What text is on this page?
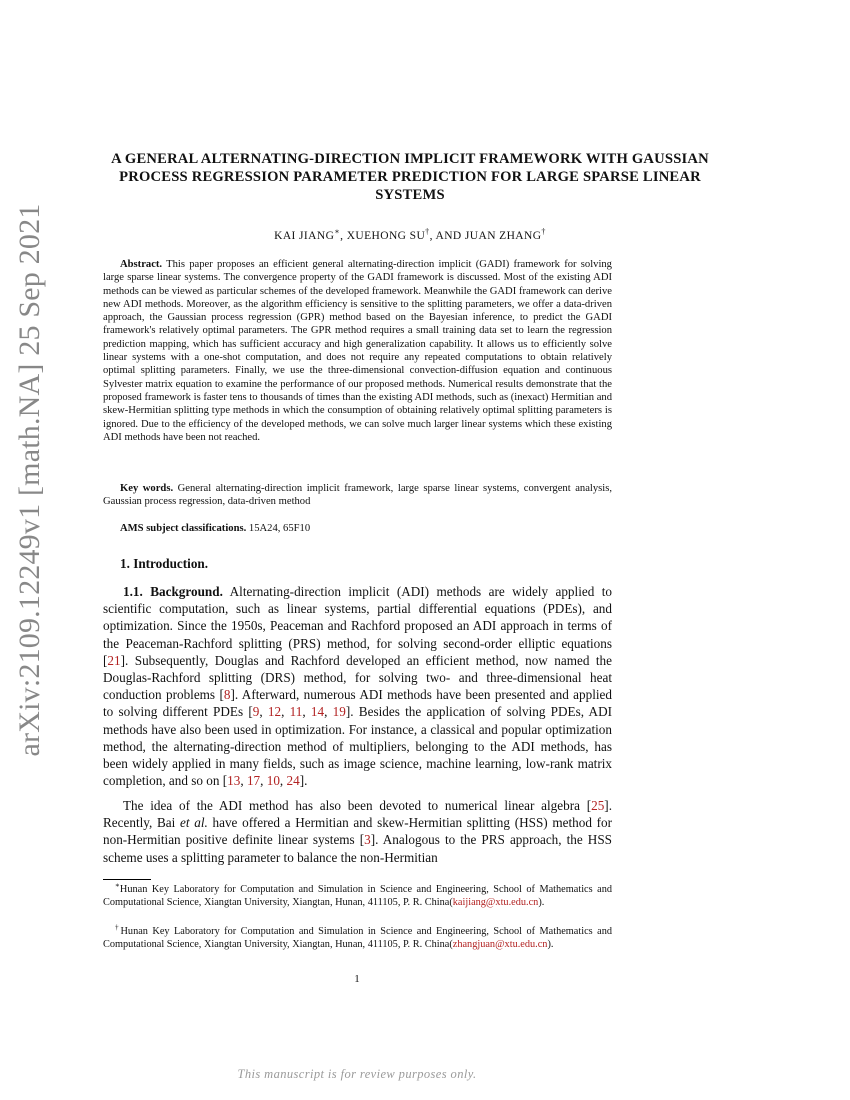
arXiv:2109.12249v1 [math.NA] 25 Sep 2021
A GENERAL ALTERNATING-DIRECTION IMPLICIT FRAMEWORK WITH GAUSSIAN PROCESS REGRESSION PARAMETER PREDICTION FOR LARGE SPARSE LINEAR SYSTEMS
KAI JIANG∗, XUEHONG SU†, AND JUAN ZHANG†
Abstract. This paper proposes an efficient general alternating-direction implicit (GADI) framework for solving large sparse linear systems. The convergence property of the GADI framework is discussed. Most of the existing ADI methods can be viewed as particular schemes of the developed framework. Meanwhile the GADI framework can derive new ADI methods. Moreover, as the algorithm efficiency is sensitive to the splitting parameters, we offer a data-driven approach, the Gaussian process regression (GPR) method based on the Bayesian inference, to predict the GADI framework's relatively optimal parameters. The GPR method requires a small training data set to learn the regression prediction mapping, which has sufficient accuracy and high generalization capability. It allows us to efficiently solve linear systems with a one-shot computation, and does not require any repeated computations to obtain relatively optimal splitting parameters. Finally, we use the three-dimensional convection-diffusion equation and continuous Sylvester matrix equation to examine the performance of our proposed methods. Numerical results demonstrate that the proposed framework is faster tens to thousands of times than the existing ADI methods, such as (inexact) Hermitian and skew-Hermitian splitting type methods in which the consumption of obtaining relatively optimal splitting parameters is ignored. Due to the efficiency of the developed methods, we can solve much larger linear systems which these existing ADI methods have been not reached.
Key words. General alternating-direction implicit framework, large sparse linear systems, convergent analysis, Gaussian process regression, data-driven method
AMS subject classifications. 15A24, 65F10
1. Introduction.
1.1. Background. Alternating-direction implicit (ADI) methods are widely applied to scientific computation, such as linear systems, partial differential equations (PDEs), and optimization. Since the 1950s, Peaceman and Rachford proposed an ADI approach in terms of the Peaceman-Rachford splitting (PRS) method, for solving second-order elliptic equations [21]. Subsequently, Douglas and Rachford developed an efficient method, now named the Douglas-Rachford splitting (DRS) method, for solving two- and three-dimensional heat conduction problems [8]. Afterward, numerous ADI methods have been presented and applied to solving different PDEs [9, 12, 11, 14, 19]. Besides the application of solving PDEs, ADI methods have also been used in optimization. For instance, a classical and popular optimization method, the alternating-direction method of multipliers, belonging to the ADI methods, has been widely applied in many fields, such as image science, machine learning, low-rank matrix completion, and so on [13, 17, 10, 24].
The idea of the ADI method has also been devoted to numerical linear algebra [25]. Recently, Bai et al. have offered a Hermitian and skew-Hermitian splitting (HSS) method for non-Hermitian positive definite linear systems [3]. Analogous to the PRS approach, the HSS scheme uses a splitting parameter to balance the non-Hermitian
∗Hunan Key Laboratory for Computation and Simulation in Science and Engineering, School of Mathematics and Computational Science, Xiangtan University, Xiangtan, Hunan, 411105, P. R. China(kaijiang@xtu.edu.cn).
†Hunan Key Laboratory for Computation and Simulation in Science and Engineering, School of Mathematics and Computational Science, Xiangtan University, Xiangtan, Hunan, 411105, P. R. China(zhangjuan@xtu.edu.cn).
1
This manuscript is for review purposes only.
